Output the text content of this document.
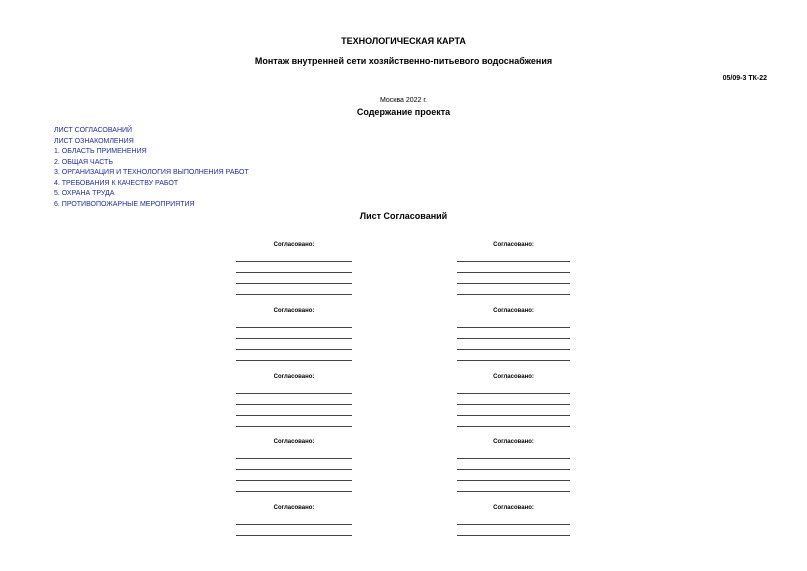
ТЕХНОЛОГИЧЕСКАЯ КАРТА
Монтаж внутренней сети хозяйственно-питьевого водоснабжения
05/09-3 ТК-22
Москва 2022 г.
Содержание проекта
ЛИСТ СОГЛАСОВАНИЙ
ЛИСТ ОЗНАКОМЛЕНИЯ
1. ОБЛАСТЬ ПРИМЕНЕНИЯ
2. ОБЩАЯ ЧАСТЬ
3. ОРГАНИЗАЦИЯ И ТЕХНОЛОГИЯ ВЫПОЛНЕНИЯ РАБОТ
4. ТРЕБОВАНИЯ К КАЧЕСТВУ РАБОТ
5. ОХРАНА ТРУДА
6. ПРОТИВОПОЖАРНЫЕ МЕРОПРИЯТИЯ
Лист Согласований
Согласовано:	Согласовано:
Согласовано:	Согласовано:
Согласовано:	Согласовано:
Согласовано:	Согласовано:
Согласовано:	Согласовано:
